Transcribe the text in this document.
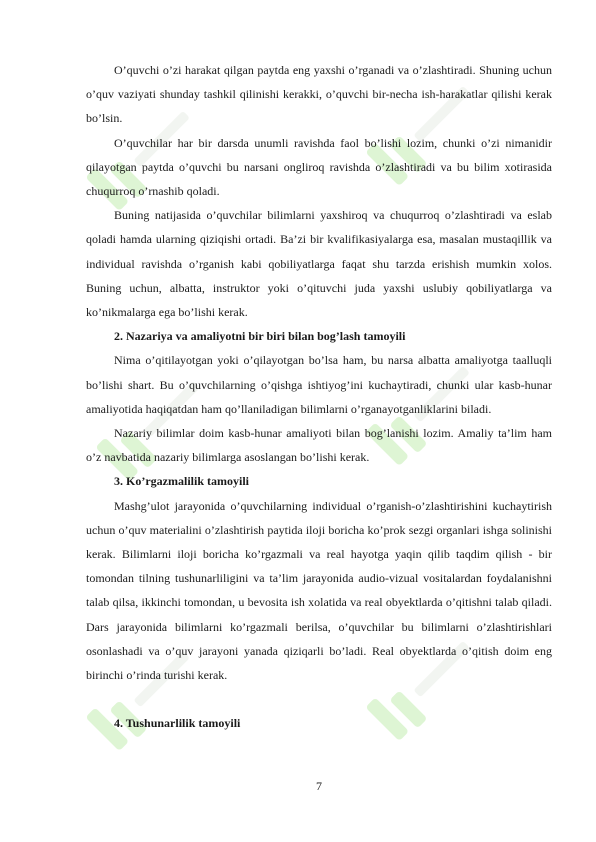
O’quvchi o’zi harakat qilgan paytda eng yaxshi o’rganadi va o’zlashtiradi. Shuning uchun o’quv vaziyati shunday tashkil qilinishi kerakki, o’quvchi bir-necha ish-harakatlar qilishi kerak bo’lsin.

O’quvchilar har bir darsda unumli ravishda faol bo’lishi lozim, chunki o’zi nimanidir qilayotgan paytda o’quvchi bu narsani ongliroq ravishda o’zlashtiradi va bu bilim xotirasida chuqurroq o’rnashib qoladi.

Buning natijasida o’quvchilar bilimlarni yaxshiroq va chuqurroq o’zlashtiradi va eslab qoladi hamda ularning qiziqishi ortadi. Ba’zi bir kvalifikasiyalarga esa, masalan mustaqillik va individual ravishda o’rganish kabi qobiliyatlarga faqat shu tarzda erishish mumkin xolos. Buning uchun, albatta, instruktor yoki o’qituvchi juda yaxshi uslubiy qobiliyatlarga va ko’nikmalarga ega bo’lishi kerak.

2. Nazariya va amaliyotni bir biri bilan bog’lash tamoyili

Nima o’qitilayotgan yoki o’qilayotgan bo’lsa ham, bu narsa albatta amaliyotga taalluqli bo’lishi shart. Bu o’quvchilarning o’qishga ishtiyog’ini kuchaytiradi, chunki ular kasb-hunar amaliyotida haqiqatdan ham qo’llaniladigan bilimlarni o’rganayotganliklarini biladi.

Nazariy bilimlar doim kasb-hunar amaliyoti bilan bog’lanishi lozim. Amaliy ta’lim ham o’z navbatida nazariy bilimlarga asoslangan bo’lishi kerak.

3. Ko’rgazmalilik tamoyili

Mashg’ulot jarayonida o’quvchilarning individual o’rganish-o’zlashtirishini kuchaytirish uchun o’quv materialini o’zlashtirish paytida iloji boricha ko’prok sezgi organlari ishga solinishi kerak. Bilimlarni iloji boricha ko’rgazmali va real hayotga yaqin qilib taqdim qilish - bir tomondan tilning tushunarliligini va ta’lim jarayonida audio-vizual vositalardan foydalanishni talab qilsa, ikkinchi tomondan, u bevosita ish xolatida va real obyektlarda o’qitishni talab qiladi. Dars jarayonida bilimlarni ko’rgazmali berilsa, o’quvchilar bu bilimlarni o’zlashtirishlari osonlashadi va o’quv jarayoni yanada qiziqarli bo’ladi. Real obyektlarda o’qitish doim eng birinchi o’rinda turishi kerak.

4. Tushunarlilik tamoyili

7
